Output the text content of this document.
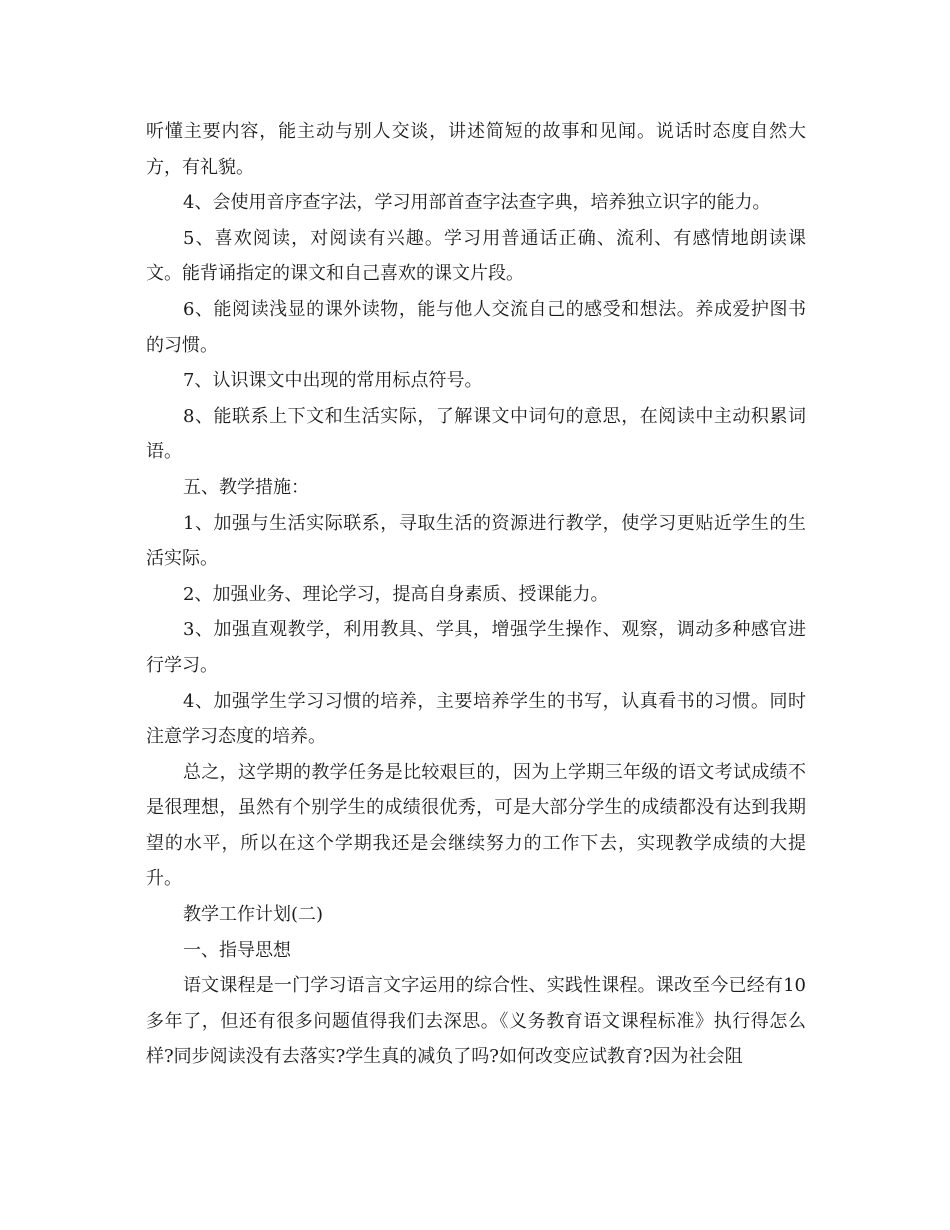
听懂主要内容，能主动与别人交谈，讲述简短的故事和见闻。说话时态度自然大方，有礼貌。

4、会使用音序查字法，学习用部首查字法查字典，培养独立识字的能力。

5、喜欢阅读，对阅读有兴趣。学习用普通话正确、流利、有感情地朗读课文。能背诵指定的课文和自己喜欢的课文片段。

6、能阅读浅显的课外读物，能与他人交流自己的感受和想法。养成爱护图书的习惯。

7、认识课文中出现的常用标点符号。

8、能联系上下文和生活实际，了解课文中词句的意思，在阅读中主动积累词语。

五、教学措施：

1、加强与生活实际联系，寻取生活的资源进行教学，使学习更贴近学生的生活实际。

2、加强业务、理论学习，提高自身素质、授课能力。

3、加强直观教学，利用教具、学具，增强学生操作、观察，调动多种感官进行学习。

4、加强学生学习习惯的培养，主要培养学生的书写，认真看书的习惯。同时注意学习态度的培养。

总之，这学期的教学任务是比较艰巨的，因为上学期三年级的语文考试成绩不是很理想，虽然有个别学生的成绩很优秀，可是大部分学生的成绩都没有达到我期望的水平，所以在这个学期我还是会继续努力的工作下去，实现教学成绩的大提升。

教学工作计划(二)

一、指导思想

语文课程是一门学习语言文字运用的综合性、实践性课程。课改至今已经有10多年了，但还有很多问题值得我们去深思。《义务教育语文课程标准》执行得怎么样?同步阅读没有去落实?学生真的减负了吗?如何改变应试教育?因为社会阻
